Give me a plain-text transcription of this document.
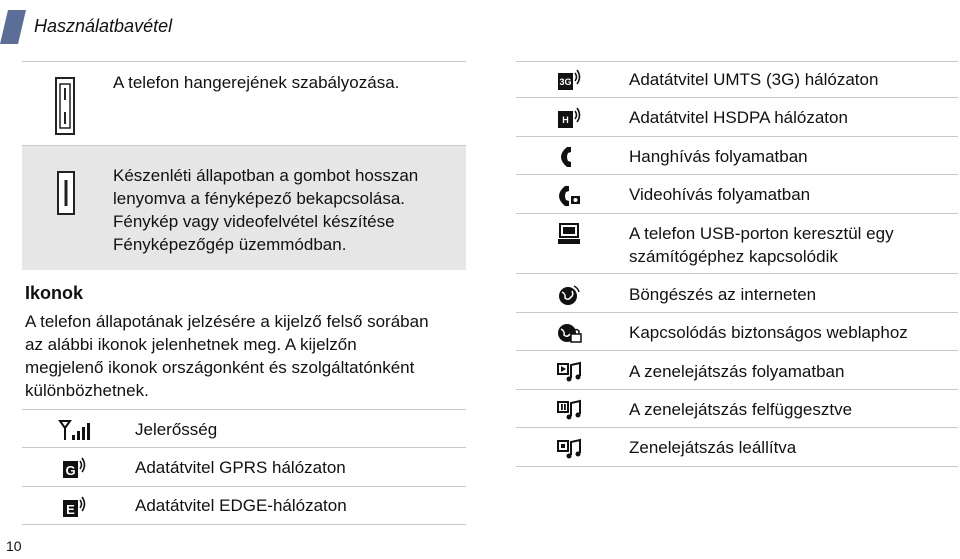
Használatbavétel
A telefon hangerejének szabályozása.
Készenléti állapotban a gombot hosszan
lenyomva a fényképező bekapcsolása.
Fénykép vagy videofelvétel készítése
Fényképezőgép üzemmódban.
Ikonok
A telefon állapotának jelzésére a kijelző felső sorában
az alábbi ikonok jelenhetnek meg. A kijelzőn
megjelenő ikonok országonként és szolgáltatónként
különbözhetnek.
Jelerősség
G	Adatátvitel GPRS hálózaton
E	Adatátvitel EDGE-hálózaton
10
3G	Adatátvitel UMTS (3G) hálózaton
H	Adatátvitel HSDPA hálózaton
Hanghívás folyamatban
Videohívás folyamatban
A telefon USB-porton keresztül egy
számítógéphez kapcsolódik
Böngészés az interneten
Kapcsolódás biztonságos weblaphoz
A zenelejátszás folyamatban
A zenelejátszás felfüggesztve
Zenelejátszás leállítva
